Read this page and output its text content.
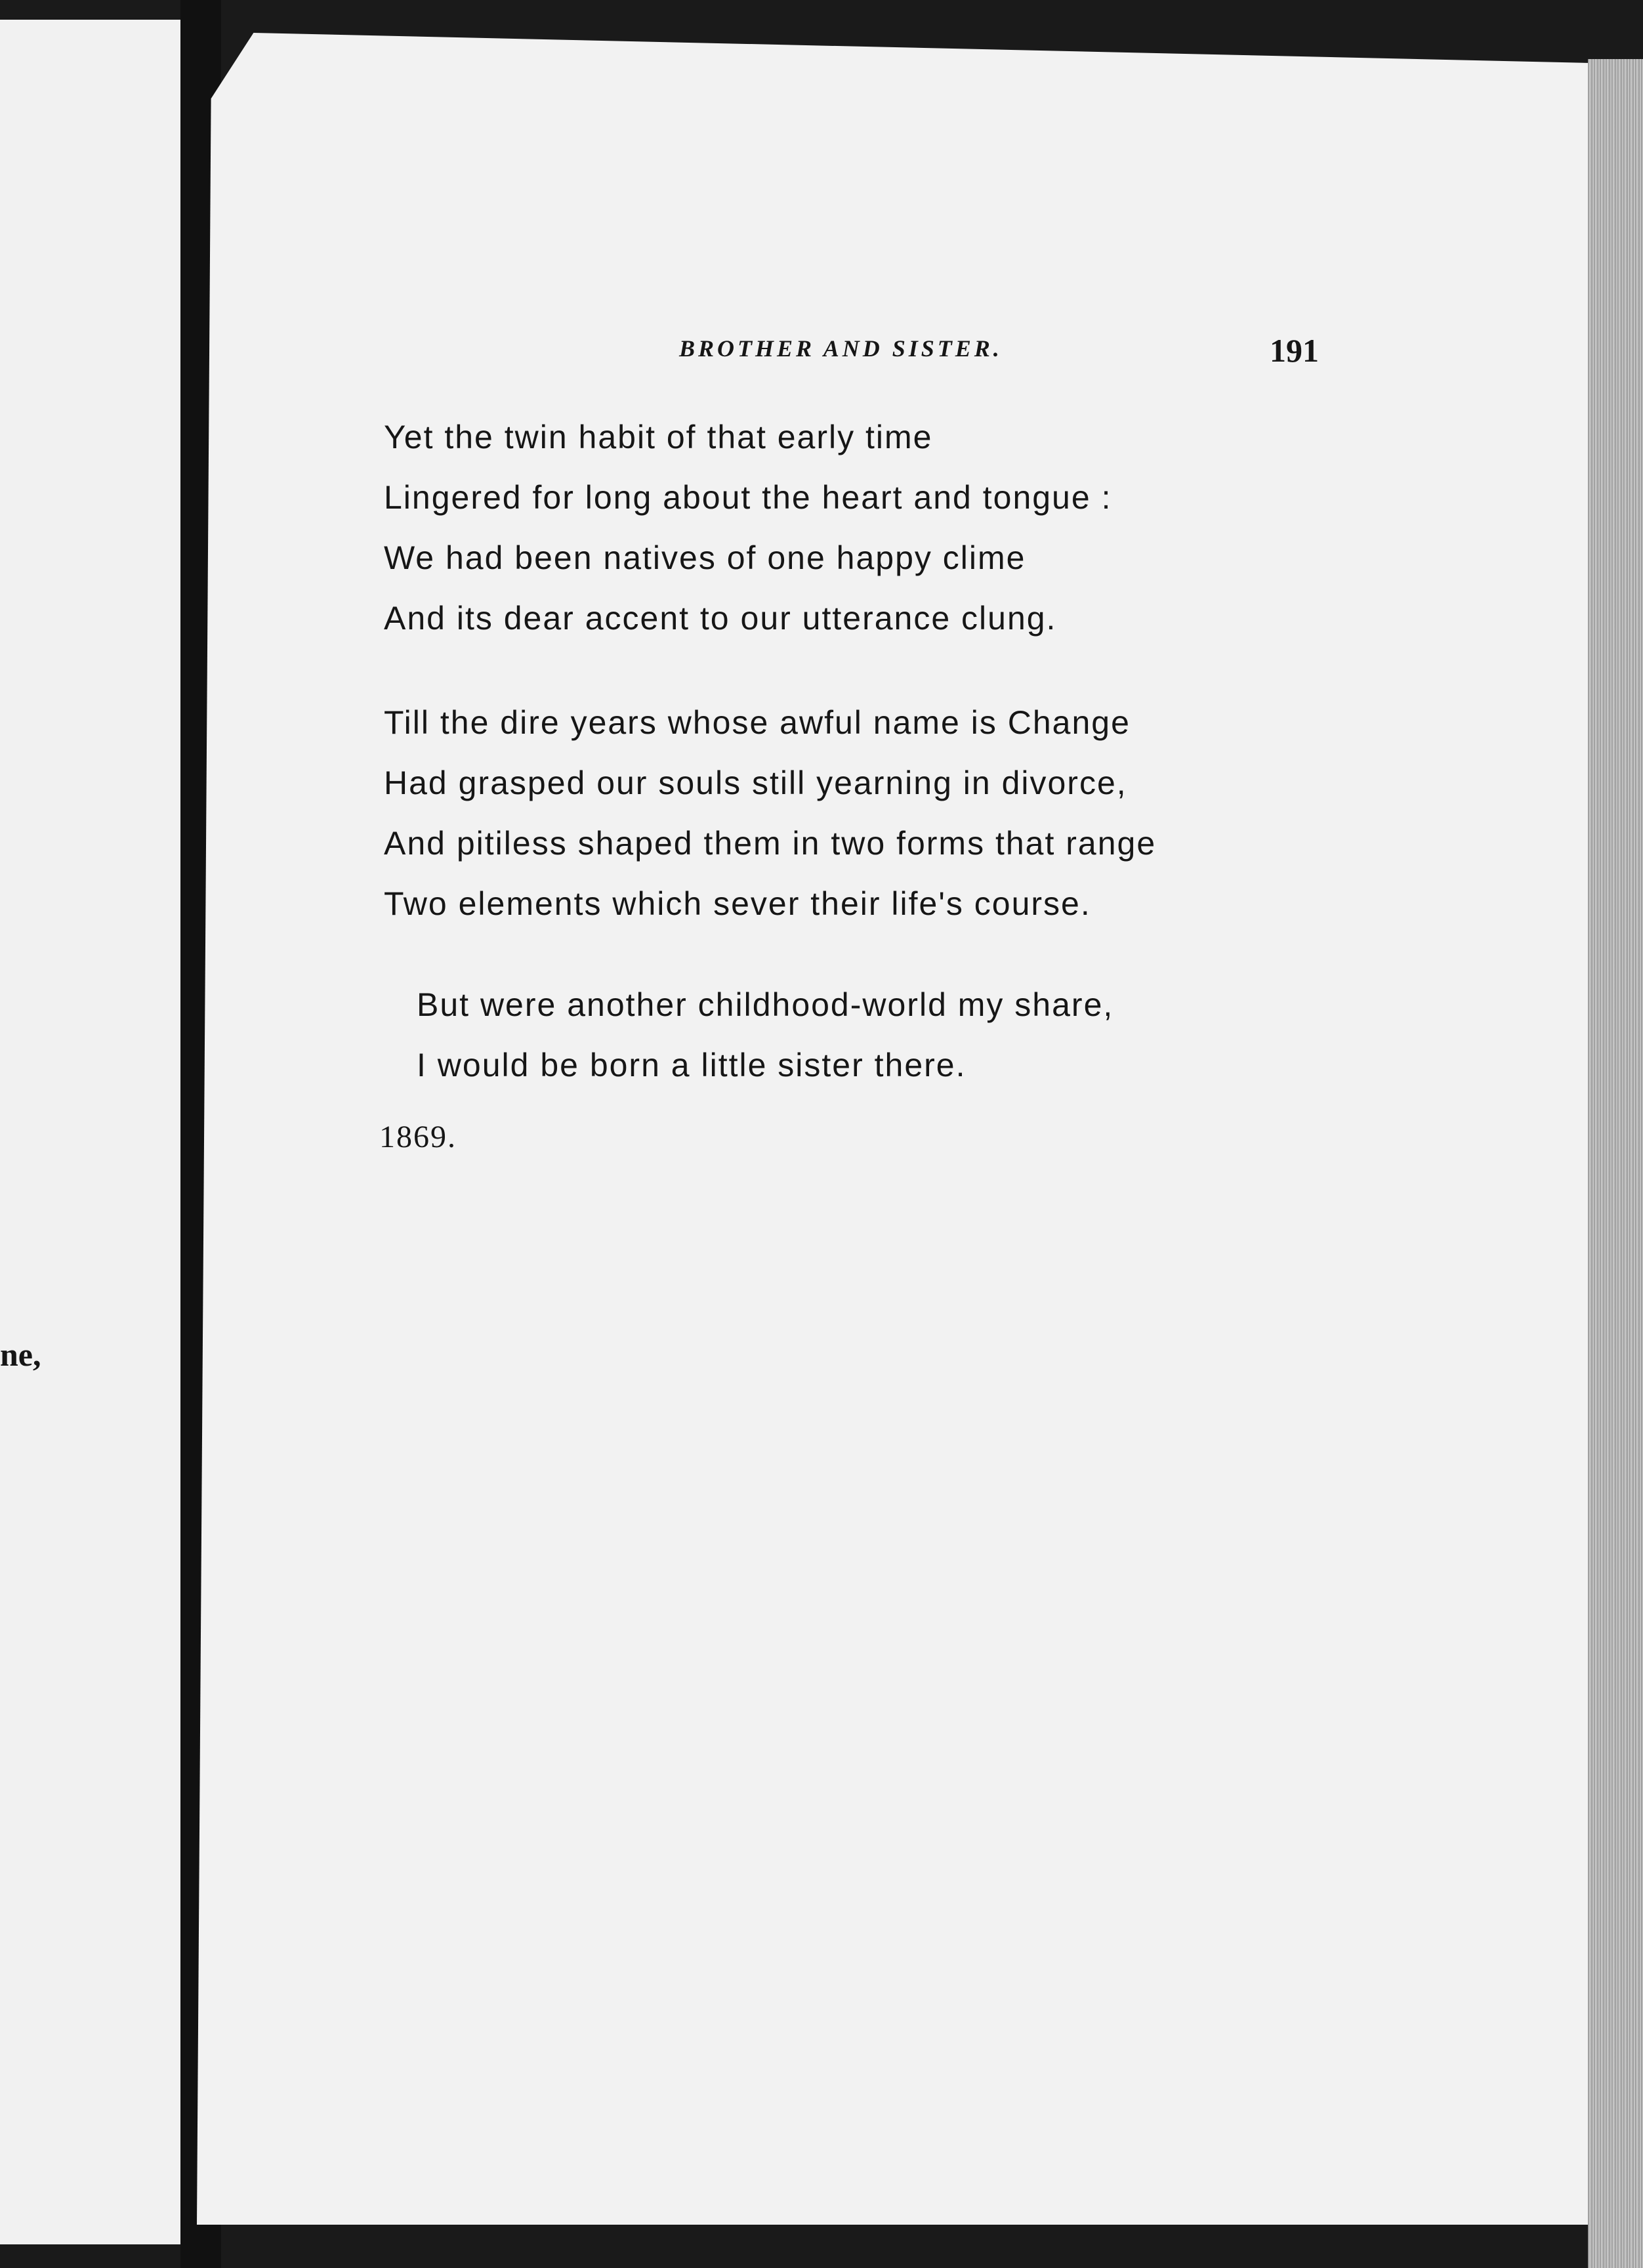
ne,
BROTHER AND SISTER.	191
Yet the twin habit of that early time
Lingered for long about the heart and tongue :
We had been natives of one happy clime
And its dear accent to our utterance clung.
Till the dire years whose awful name is Change
Had grasped our souls still yearning in divorce,
And pitiless shaped them in two forms that range
Two elements which sever their life's course.
But were another childhood-world my share,
I would be born a little sister there.
1869.
